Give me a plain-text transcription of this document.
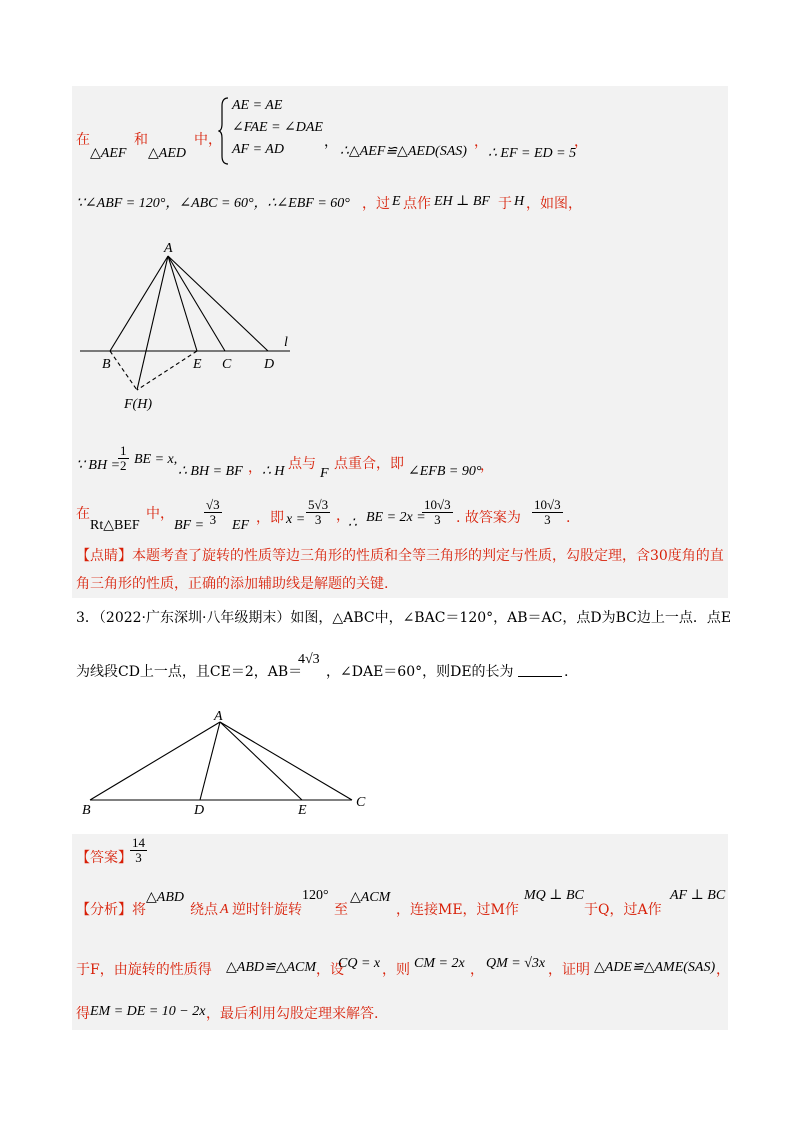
在
△AEF
和
△AED
中，
AE = AE
∠FAE = ∠DAE
AF = AD	，
∴△AEF≌△AED(SAS)
，
∴ EF = ED = 5
，
∵∠ABF = 120°，∠ABC = 60°，∴∠EBF = 60° ，过 E 点作 EH ⊥ BF 于 H ，如图，
A
B	E C D
l
F(H)
∵ BH =
$\frac{1}{2}$ BE = x,
∴ BH = BF ， ∴ H 点与
F
点重合，即 ∠EFB = 90°
，
在
Rt△BEF
中，
BF = $\frac{√3}{3}$ EF ，即 $x = \frac{5√3}{3}$ ，
∴ BE = 2x =
$\frac{10√3}{3}$ . 故答案为 $\frac{10√3}{3}$ .
【点睛】本题考查了旋转的性质等边三角形的性质和全等三角形的判定与性质，勾股定理，含30度角的直
角三角形的性质，正确的添加辅助线是解题的关键.
3．（2022·广东深圳·八年级期末）如图，△ABC中，∠BAC＝120°，AB＝AC，点D为BC边上一点．点E
为线段CD上一点，且CE＝2，AB＝
4√3
，∠DAE＝60°，则DE的长为	.
A
B	D	E
C
【答案】
$\frac{14}{3}$
【分析】将
△ABD
绕点 A 逆时针旋转
120°
至
△ACM
，连接ME，过M作
MQ ⊥ BC
于Q，过A作
AF ⊥ BC
于F，由旋转的性质得 △ABD≌△ACM ，设
CQ = x ，则 CM = 2x ， QM = √3x ，证明 △ADE≌△AME(SAS) ，
得 EM = DE = 10 − 2x ，最后利用勾股定理来解答.
